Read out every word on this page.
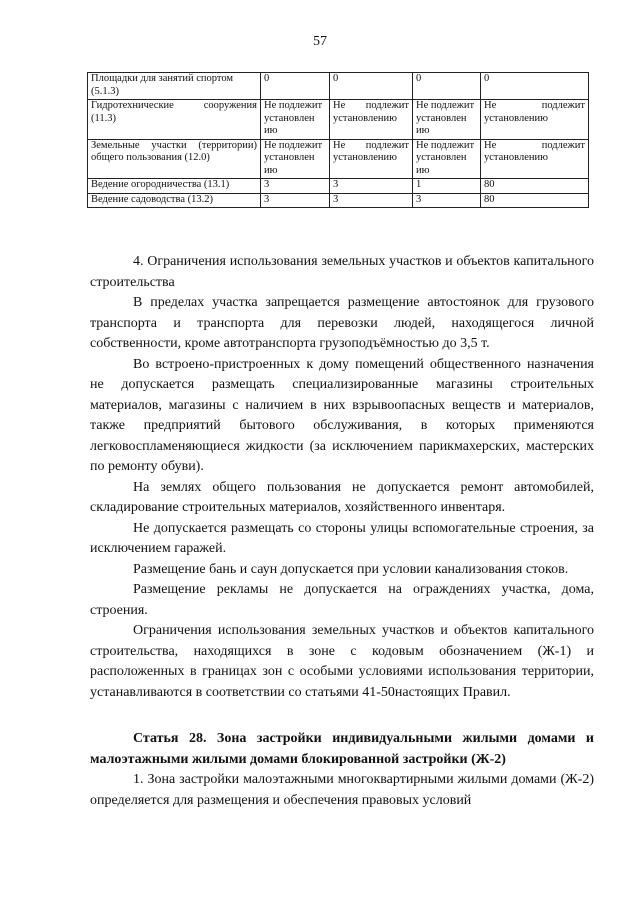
57
Площадки для занятий спортом (5.1.3)	0	0	0	0
Гидротехнические сооружения (11.3)	Не подлежит установлен ию	Не подлежит установлению	Не подлежит установлен ию	Не подлежит установлению
Земельные участки (территории) общего пользования (12.0)	Не подлежит установлен ию	Не подлежит установлению	Не подлежит установлен ию	Не подлежит установлению
Ведение огородничества (13.1)	3	3	1	80
Ведение садоводства (13.2)	3	3	3	80

4. Ограничения использования земельных участков и объектов капитального строительства

В пределах участка запрещается размещение автостоянок для грузового транспорта и транспорта для перевозки людей, находящегося личной собственности, кроме автотранспорта грузоподъёмностью до 3,5 т.

Во встроено-пристроенных к дому помещений общественного назначения не допускается размещать специализированные магазины строительных материалов, магазины с наличием в них взрывоопасных веществ и материалов, также предприятий бытового обслуживания, в которых применяются легковоспламеняющиеся жидкости (за исключением парикмахерских, мастерских по ремонту обуви).

На землях общего пользования не допускается ремонт автомобилей, складирование строительных материалов, хозяйственного инвентаря.

Не допускается размещать со стороны улицы вспомогательные строения, за исключением гаражей.

Размещение бань и саун допускается при условии канализования стоков.

Размещение рекламы не допускается на ограждениях участка, дома, строения.

Ограничения использования земельных участков и объектов капитального строительства, находящихся в зоне с кодовым обозначением (Ж-1) и расположенных в границах зон с особыми условиями использования территории, устанавливаются в соответствии со статьями 41-50настоящих Правил.

Статья 28. Зона застройки индивидуальными жилыми домами и малоэтажными жилыми домами блокированной застройки (Ж-2)

1. Зона застройки малоэтажными многоквартирными жилыми домами (Ж-2) определяется для размещения и обеспечения правовых условий
